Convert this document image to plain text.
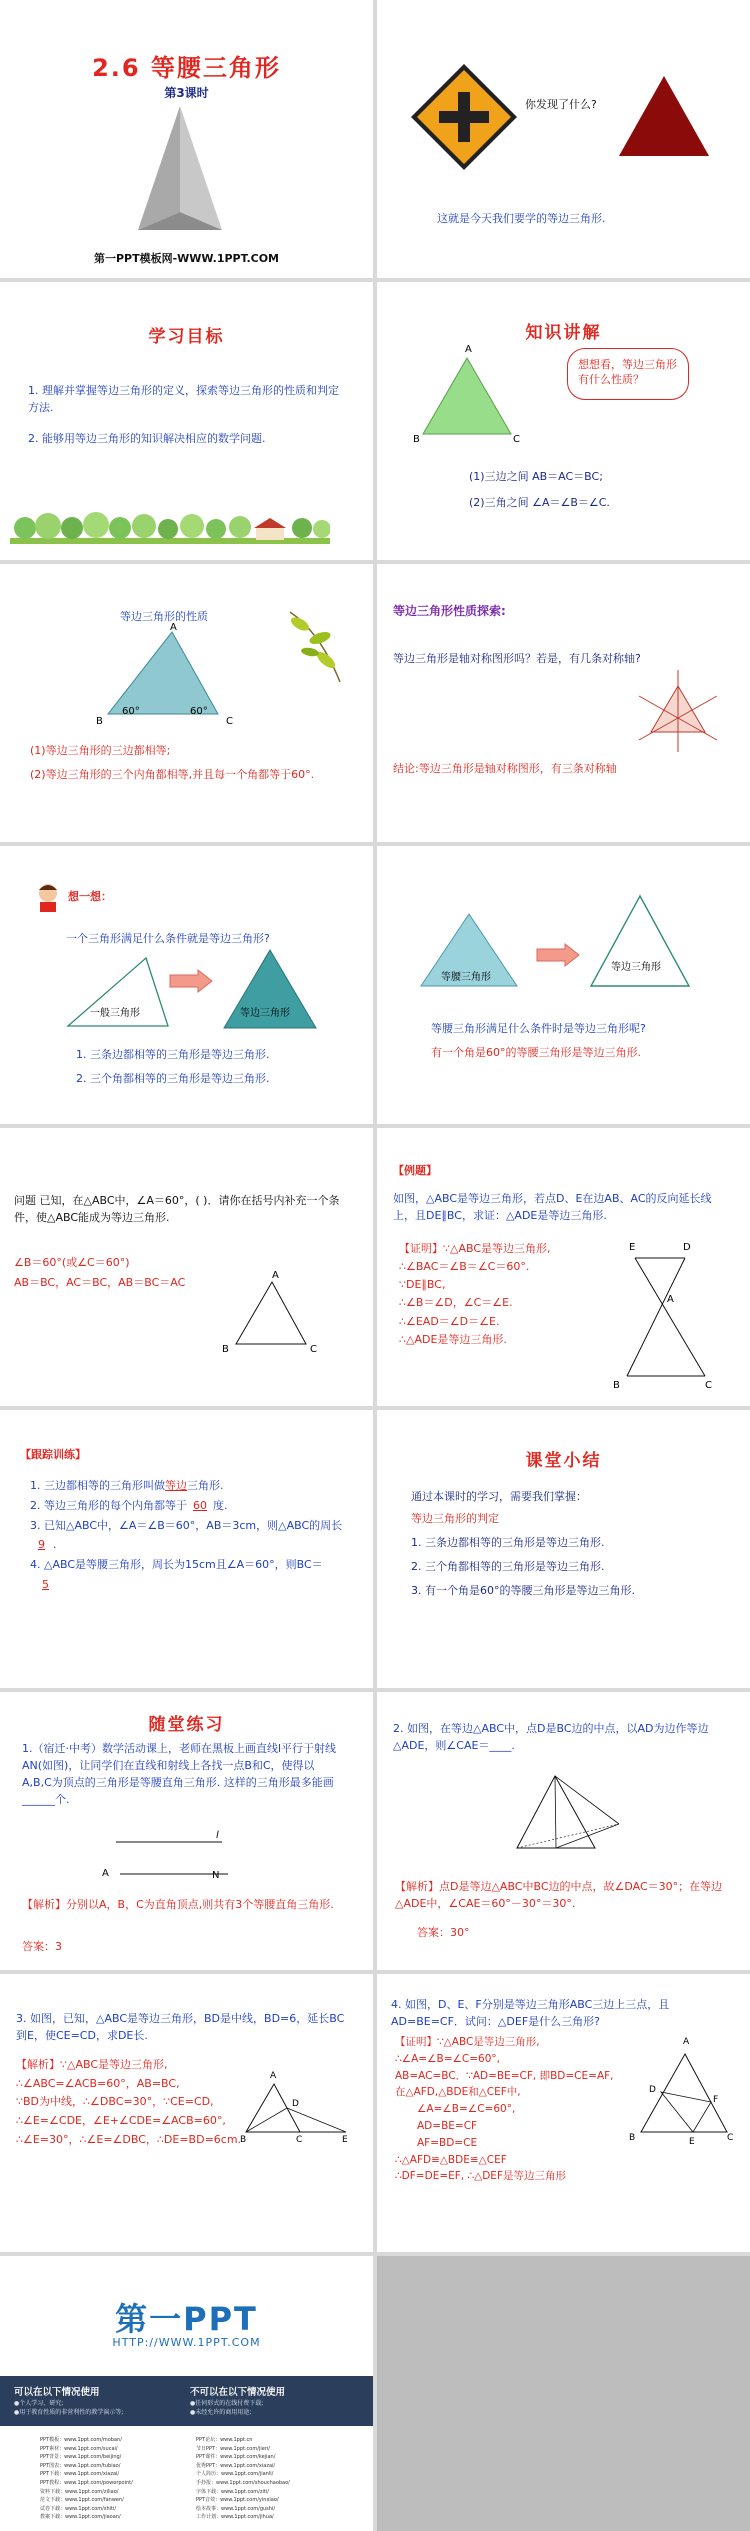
2.6 等腰三角形
第3课时
第一PPT模板网-WWW.1PPT.COM
你发现了什么?
这就是今天我们要学的等边三角形.
学习目标
1. 理解并掌握等边三角形的定义，探索等边三角形的性质和判定方法.
2. 能够用等边三角形的知识解决相应的数学问题.
知识讲解
A
B	C
想想看，等边三角形有什么性质？
(1)三边之间 AB＝AC＝BC;
(2)三角之间 ∠A＝∠B＝∠C.
等边三角形的性质
A
B	C
60°	60°
(1)等边三角形的三边都相等;
(2)等边三角形的三个内角都相等,并且每一个角都等于60°.
等边三角形性质探索:
等边三角形是轴对称图形吗？若是，有几条对称轴?
结论:等边三角形是轴对称图形，有三条对称轴
想一想：
一个三角形满足什么条件就是等边三角形?
一般三角形	等边三角形
1. 三条边都相等的三角形是等边三角形.
2. 三个角都相等的三角形是等边三角形.
等腰三角形
等边三角形
等腰三角形满足什么条件时是等边三角形呢?
有一个角是60°的等腰三角形是等边三角形.
问题 已知，在△ABC中，∠A＝60°，( )．请你在括号内补充一个条件，使△ABC能成为等边三角形.
∠B＝60°(或∠C＝60°)
AB＝BC，AC＝BC，AB＝BC＝AC
A
B	C
【例题】
如图，△ABC是等边三角形，若点D、E在边AB、AC的反向延长线上，且DE∥BC，求证：△ADE是等边三角形.
【证明】∵△ABC是等边三角形,
∴∠BAC＝∠B＝∠C＝60°.
∵DE∥BC,
∴∠B＝∠D，∠C＝∠E.
∴∠EAD＝∠D＝∠E.
∴△ADE是等边三角形.
E	D
A
B	C
【跟踪训练】
1. 三边都相等的三角形叫做等边三角形.
2. 等边三角形的每个内角都等于 60 度.
3. 已知△ABC中，∠A＝∠B＝60°，AB＝3cm，则△ABC的周长9 .
4. △ABC是等腰三角形，周长为15cm且∠A＝60°，则BC＝5
课堂小结
通过本课时的学习，需要我们掌握：
等边三角形的判定
1. 三条边都相等的三角形是等边三角形.
2. 三个角都相等的三角形是等边三角形.
3. 有一个角是60°的等腰三角形是等边三角形.
随堂练习
1.（宿迁·中考）数学活动课上，老师在黑板上画直线l平行于射线AN(如图)，让同学们在直线和射线上各找一点B和C，使得以A,B,C为顶点的三角形是等腰直角三角形. 这样的三角形最多能画______个.
l
A	N
【解析】分别以A，B，C为直角顶点,则共有3个等腰直角三角形.
答案：3
2. 如图，在等边△ABC中，点D是BC边的中点，以AD为边作等边△ADE，则∠CAE＝____.
【解析】点D是等边△ABC中BC边的中点，故∠DAC＝30°；在等边△ADE中，∠CAE＝60°－30°＝30°.
答案：30°
3. 如图，已知，△ABC是等边三角形，BD是中线，BD=6，延长BC到E，使CE=CD，求DE长.
【解析】∵△ABC是等边三角形,
∴∠ABC=∠ACB=60°，AB=BC,
∵BD为中线，∴∠DBC=30°，∵CE=CD,
∴∠E=∠CDE，∠E+∠CDE=∠ACB=60°,
∴∠E=30°，∴∠E=∠DBC，∴DE=BD=6cm.
A
D
B	C	E
4. 如图，D、E、F分别是等边三角形ABC三边上三点，且AD=BE=CF．试问：△DEF是什么三角形?
【证明】∵△ABC是等边三角形,
∴∠A=∠B=∠C=60°,
AB=AC=BC．∵AD=BE=CF, 即BD=CE=AF,
在△AFD,△BDE和△CEF中,
∠A=∠B=∠C=60°,
AD=BE=CF
AF=BD=CE
∴△AFD≌△BDE≌△CEF
∴DF=DE=EF, ∴△DEF是等边三角形
A
D
F
B	E	C
第一PPT
HTTP://WWW.1PPT.COM
可以在以下情况使用
●个人学习、研究;
●用于教育性质的非营利性的教学演示等;
不可以在以下情况使用
●任何形式的在线付费下载;
●未经允许的商用用途;
PPT模板：www.1ppt.com/moban/
PPT素材：www.1ppt.com/sucai/
PPT背景：www.1ppt.com/beijing/
PPT图表：www.1ppt.com/tubiao/
PPT下载：www.1ppt.com/xiazai/
PPT教程：www.1ppt.com/powerpoint/
资料下载：www.1ppt.com/ziliao/
范文下载：www.1ppt.com/fanwen/
试卷下载：www.1ppt.com/shiti/
教案下载：www.1ppt.com/jiaoan/
PPT论坛：www.1ppt.cn
节日PPT：www.1ppt.com/jieri/
PPT课件：www.1ppt.com/kejian/
优秀PPT：www.1ppt.com/xiazai/
个人简历：www.1ppt.com/jianli/
手抄报：www.1ppt.com/shouchaobao/
字体下载：www.1ppt.com/ziti/
PPT音效：www.1ppt.com/yinxiao/
绘本故事：www.1ppt.com/gushi/
工作计划：www.1ppt.com/jihua/
